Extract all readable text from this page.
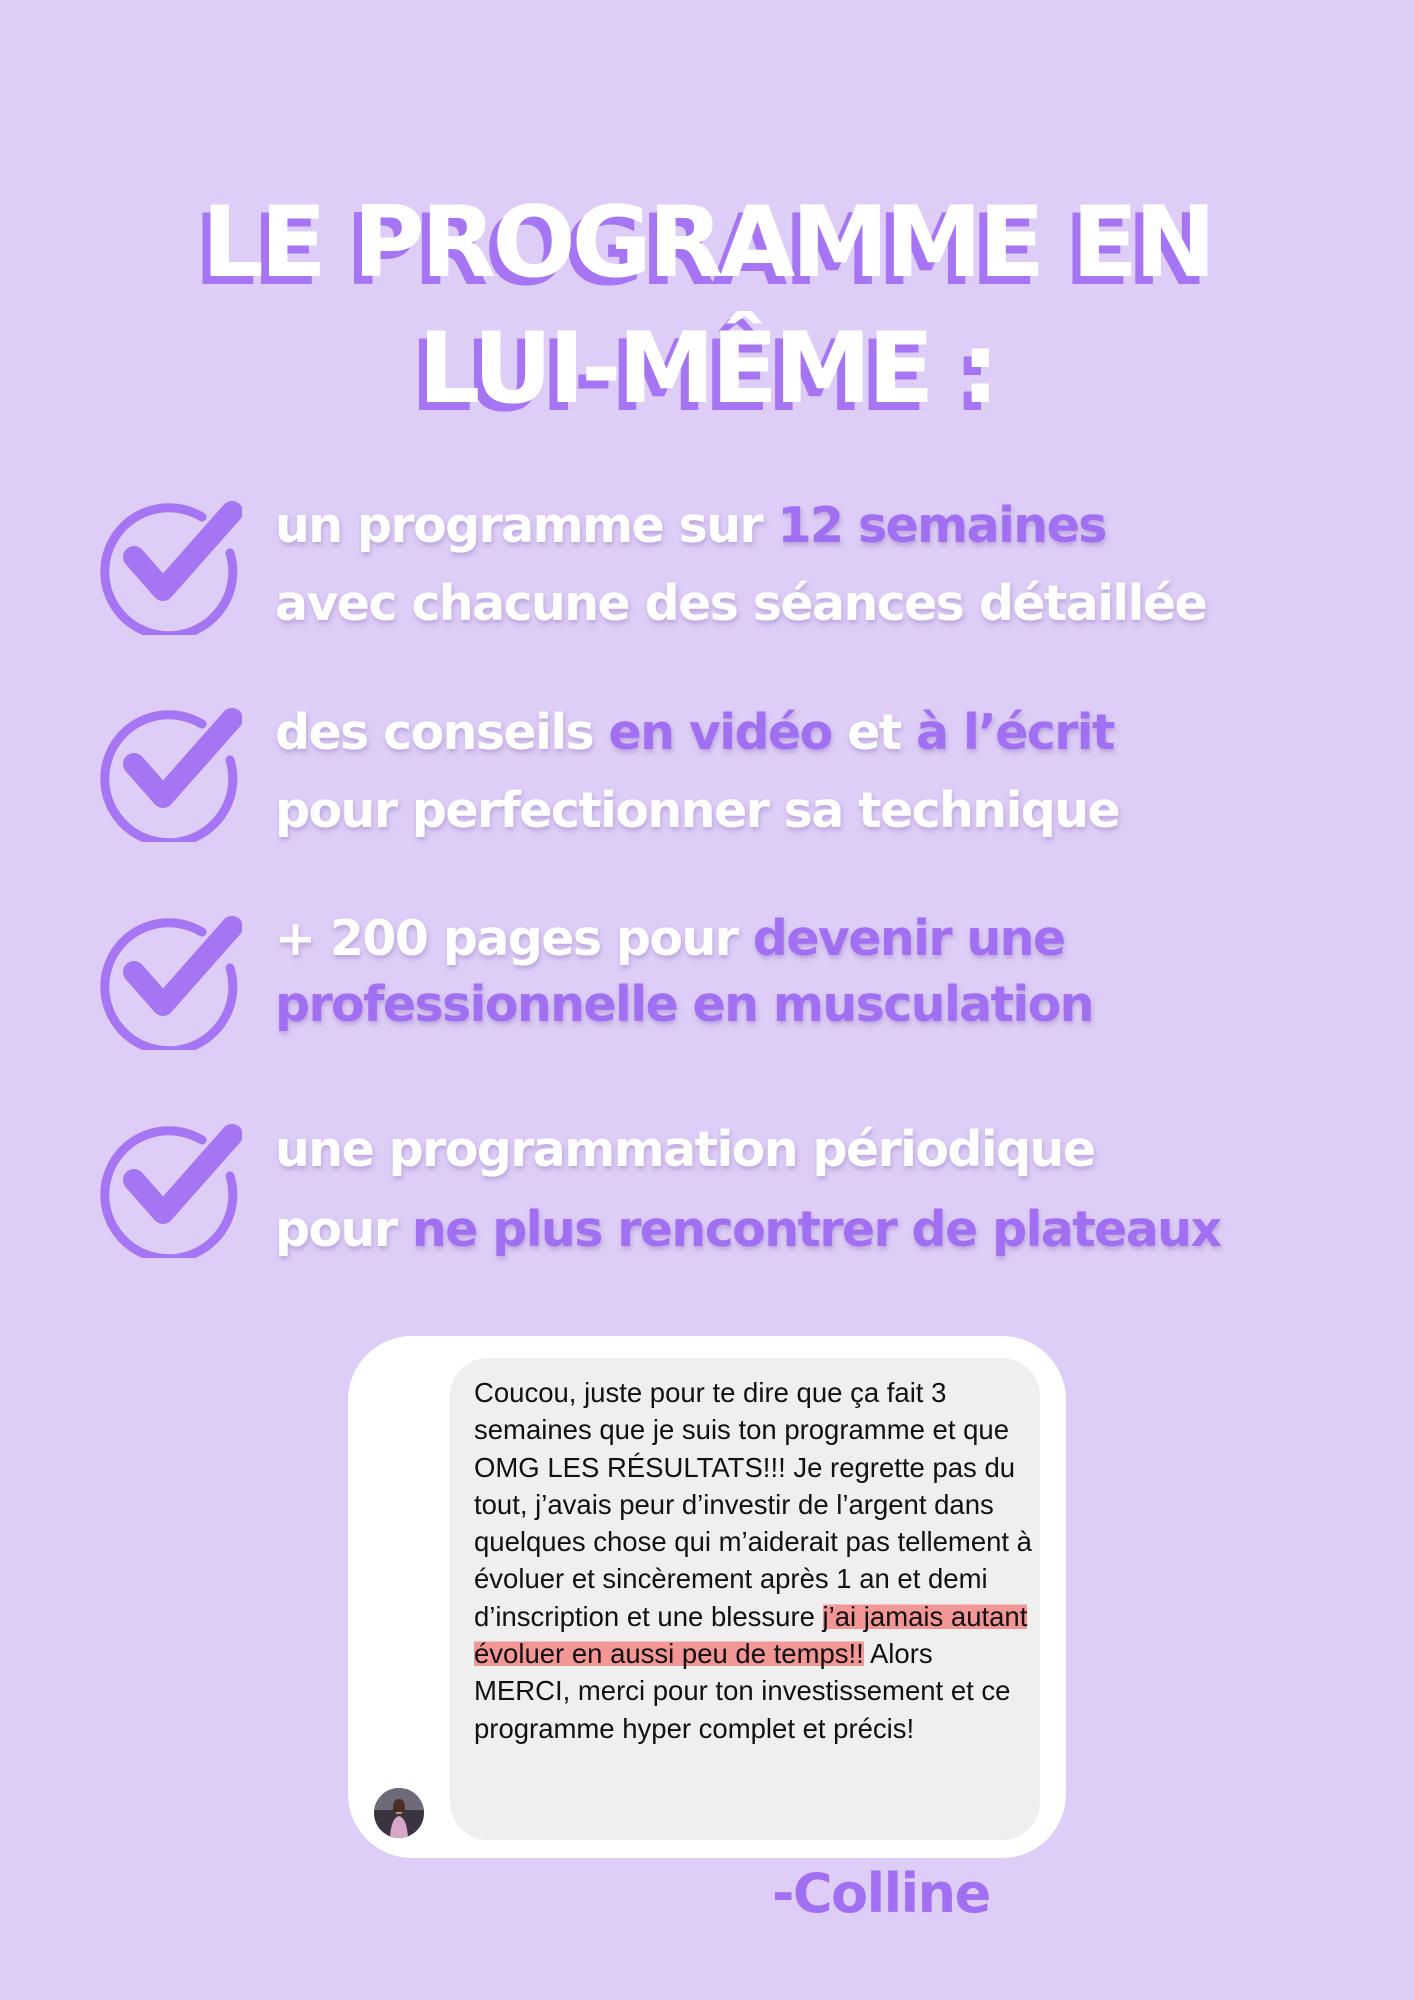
LE PROGRAMME EN
LUI-MÊME :

un programme sur 12 semaines
avec chacune des séances détaillée

des conseils en vidéo et à l’écrit
pour perfectionner sa technique

+ 200 pages pour devenir une
professionnelle en musculation

une programmation périodique
pour ne plus rencontrer de plateaux

Coucou, juste pour te dire que ça fait 3 semaines que je suis ton programme et que OMG LES RÉSULTATS!!! Je regrette pas du tout, j’avais peur d’investir de l’argent dans quelques chose qui m’aiderait pas tellement à évoluer et sincèrement après 1 an et demi d’inscription et une blessure j’ai jamais autant évoluer en aussi peu de temps!! Alors MERCI, merci pour ton investissement et ce programme hyper complet et précis!

-Colline
